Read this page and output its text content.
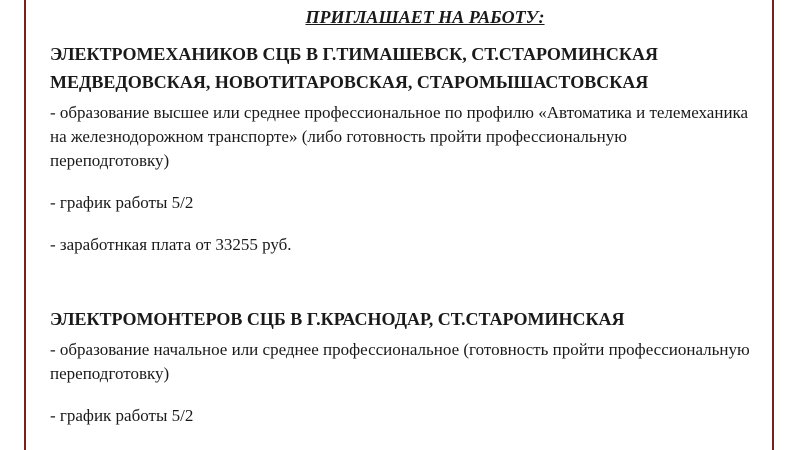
ПРИГЛАШАЕТ НА РАБОТУ:
ЭЛЕКТРОМЕХАНИКОВ СЦБ В Г.ТИМАШЕВСК, СТ.СТАРОМИНСКАЯ
МЕДВЕДОВСКАЯ, НОВОТИТАРОВСКАЯ, СТАРОМЫШАСТОВСКАЯ
- образование высшее или среднее профессиональное по профилю «Автоматика и телемеханика на железнодорожном транспорте» (либо готовность пройти профессиональную переподготовку)
- график работы 5/2
- заработнкая плата от 33255 руб.
ЭЛЕКТРОМОНТЕРОВ СЦБ В Г.КРАСНОДАР, СТ.СТАРОМИНСКАЯ
- образование начальное или среднее профессиональное (готовность пройти профессиональную переподготовку)
- график работы 5/2
